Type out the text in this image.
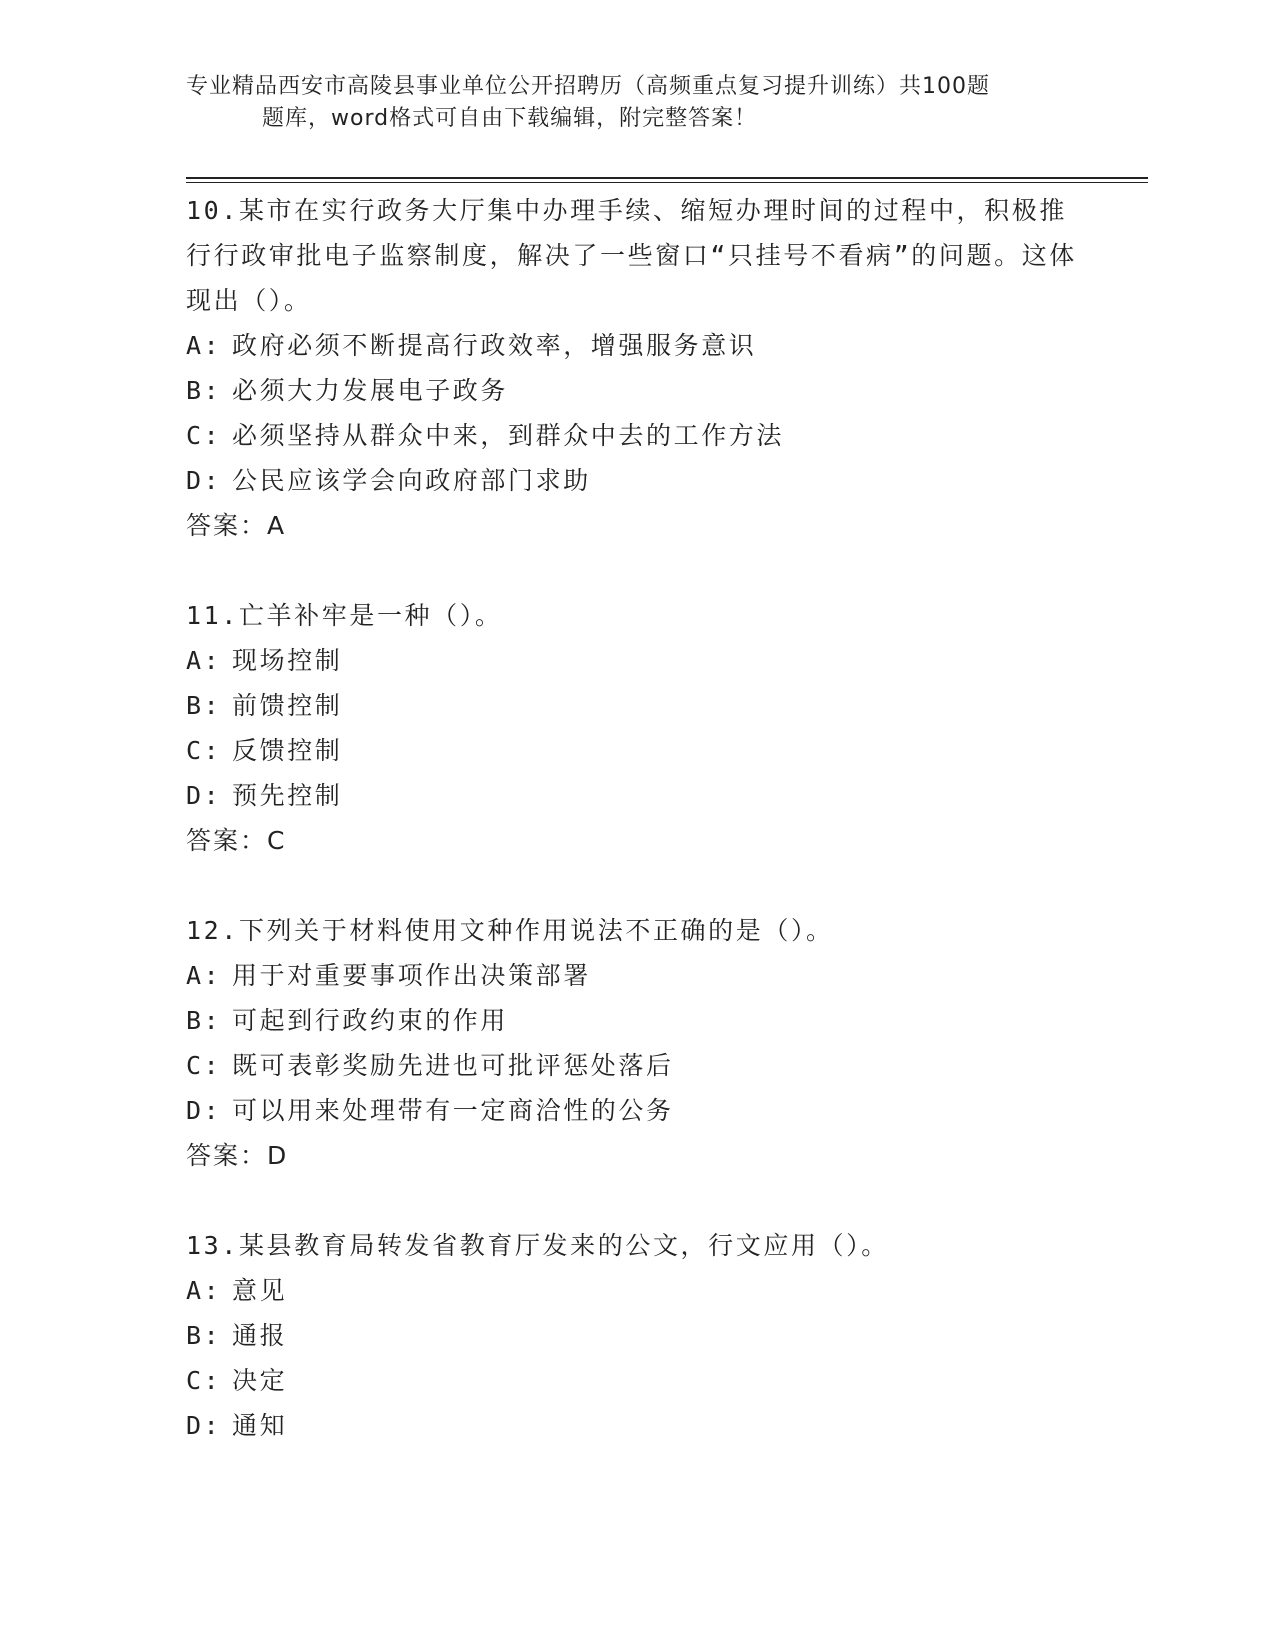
专业精品西安市高陵县事业单位公开招聘历（高频重点复习提升训练）共100题
题库，word格式可自由下载编辑，附完整答案！

10.某市在实行政务大厅集中办理手续、缩短办理时间的过程中，积极推行行政审批电子监察制度，解决了一些窗口“只挂号不看病”的问题。这体现出（）。

A: 政府必须不断提高行政效率，增强服务意识

B: 必须大力发展电子政务

C: 必须坚持从群众中来，到群众中去的工作方法

D: 公民应该学会向政府部门求助

答案：A

11.亡羊补牢是一种（）。

A: 现场控制

B: 前馈控制

C: 反馈控制

D: 预先控制

答案：C

12.下列关于材料使用文种作用说法不正确的是（）。

A: 用于对重要事项作出决策部署

B: 可起到行政约束的作用

C: 既可表彰奖励先进也可批评惩处落后

D: 可以用来处理带有一定商洽性的公务

答案：D

13.某县教育局转发省教育厅发来的公文，行文应用（）。

A: 意见

B: 通报

C: 决定

D: 通知
